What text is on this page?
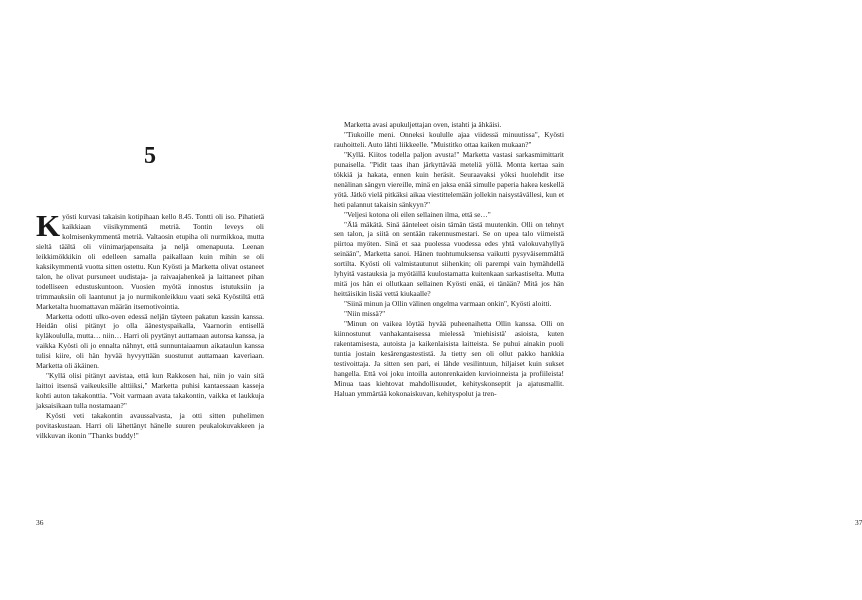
5

Kyösti kurvasi takaisin kotipihaan kello 8.45. Tontti oli iso. Pihatietä kaikkiaan viisikymmentä metriä. Tontin leveys oli kolmisenkymmentä metriä. Valtaosin etupiha oli nurmikkoa, mutta sieltä täältä oli viinimarjapensaita ja neljä omenapuuta. Leenan leikkimökkikin oli edelleen samalla paikallaan kuin mihin se oli kaksikymmentä vuotta sitten ostettu. Kun Kyösti ja Marketta olivat ostaneet talon, he olivat pursuneet uudistaja- ja raivaajahenkeä ja laittaneet pihan todelliseen edustuskuntoon. Vuosien myötä innostus istutuksiin ja trimmauksiin oli laantunut ja jo nurmikonleikkuu vaati sekä Kyöstiltä että Marketalta huomattavan määrän itsemotivointia.

Marketta odotti ulko-oven edessä neljän täyteen pakatun kassin kanssa. Heidän olisi pitänyt jo olla äänestyspaikalla, Vaarnorin entisellä kyläkoululla, mutta… niin… Harri oli pyytänyt auttamaan autonsa kanssa, ja vaikka Kyösti oli jo ennalta nähnyt, että sunnuntaiaamun aikataulun kanssa tulisi kiire, oli hän hyvää hyvyyttään suostunut auttamaan kaveriaan. Marketta oli äkäinen.

"Kyllä olisi pitänyt aavistaa, että kun Rakkosen hai, niin jo vain sitä laittoi itsensä vaikeuksille alttiiksi," Marketta puhisi kantaessaan kasseja kohti auton takakonttia. "Voit varmaan avata takakontin, vaikka et laukkuja jaksaisikaan tulla nostamaan?"

Kyösti veti takakontin avaussalvasta, ja otti sitten puhelimen povitaskustaan. Harri oli lähettänyt hänelle suuren peukalokuvakkeen ja vilkkuvan ikonin "Thanks buddy!"

36	37

Marketta avasi apukuljettajan oven, istahti ja ähkäisi.

"Tiukoille meni. Onneksi koululle ajaa viidessä minuutissa", Kyösti rauhoitteli. Auto lähti liikkeelle. "Muistitko ottaa kaiken mukaan?"

"Kyllä. Kiitos todella paljon avusta!" Marketta vastasi sarkasmimittarit punaisella. "Pidit taas ihan järkyttävää meteliä yöllä. Monta kertaa sain tökkiä ja hakata, ennen kuin heräsit. Seuraavaksi yöksi huolehdit itse nenälinan sängyn viereille, minä en jaksa enää simulle paperia hakea keskellä yötä. Jätkö vielä pitkäksi aikaa viestittelemään jollekin naisystävällesi, kun et heti palannut takaisin sänkyyn?"

"Veljesi kotona oli eilen sellainen ilma, että se…"

"Älä mäkätä. Sinä äänteleet oisin tämän tästä muutenkin. Olli on tehnyt sen talon, ja siitä on sentään rakennusmestari. Se on upea talo viimeistä piirtoa myöten. Sinä et saa puolessa vuodessa edes yhtä valokuvahyllyä seinään", Marketta sanoi. Hänen tuohtumuksensa vaikutti pysyväisemmältä sortilta. Kyösti oli valmistautunut siihenkin; oli parempi vain hymähdellä lyhyitä vastauksia ja myötäillä kuulostamatta kuitenkaan sarkastiselta. Mutta mitä jos hän ei ollutkaan sellainen Kyösti enää, ei tänään? Mitä jos hän heittäisikin lisää vettä kiukaalle?

"Siinä minun ja Ollin välinen ongelma varmaan onkin", Kyösti aloitti.

"Niin missä?"

"Minun on vaikea löytää hyvää puheenaihetta Ollin kanssa. Olli on kiinnostunut vanhakantaisessa mielessä 'miehisistä' asioista, kuten rakentamisesta, autoista ja kaikenlaisista laitteista. Se puhui ainakin puoli tuntia jostain kesärengastestistä. Ja tietty sen oli ollut pakko hankkia testivoittaja. Ja sitten sen pari, ei lähde vesilintuun, hiljaiset kuin sukset hangella. Että voi joku intoilla autonrenkaiden kuvioinneista ja profiileista! Minua taas kiehtovat mahdollisuudet, kehityskonseptit ja ajatusmallit. Haluan ymmärtää kokonaiskuvan, kehityspolut ja tren-
